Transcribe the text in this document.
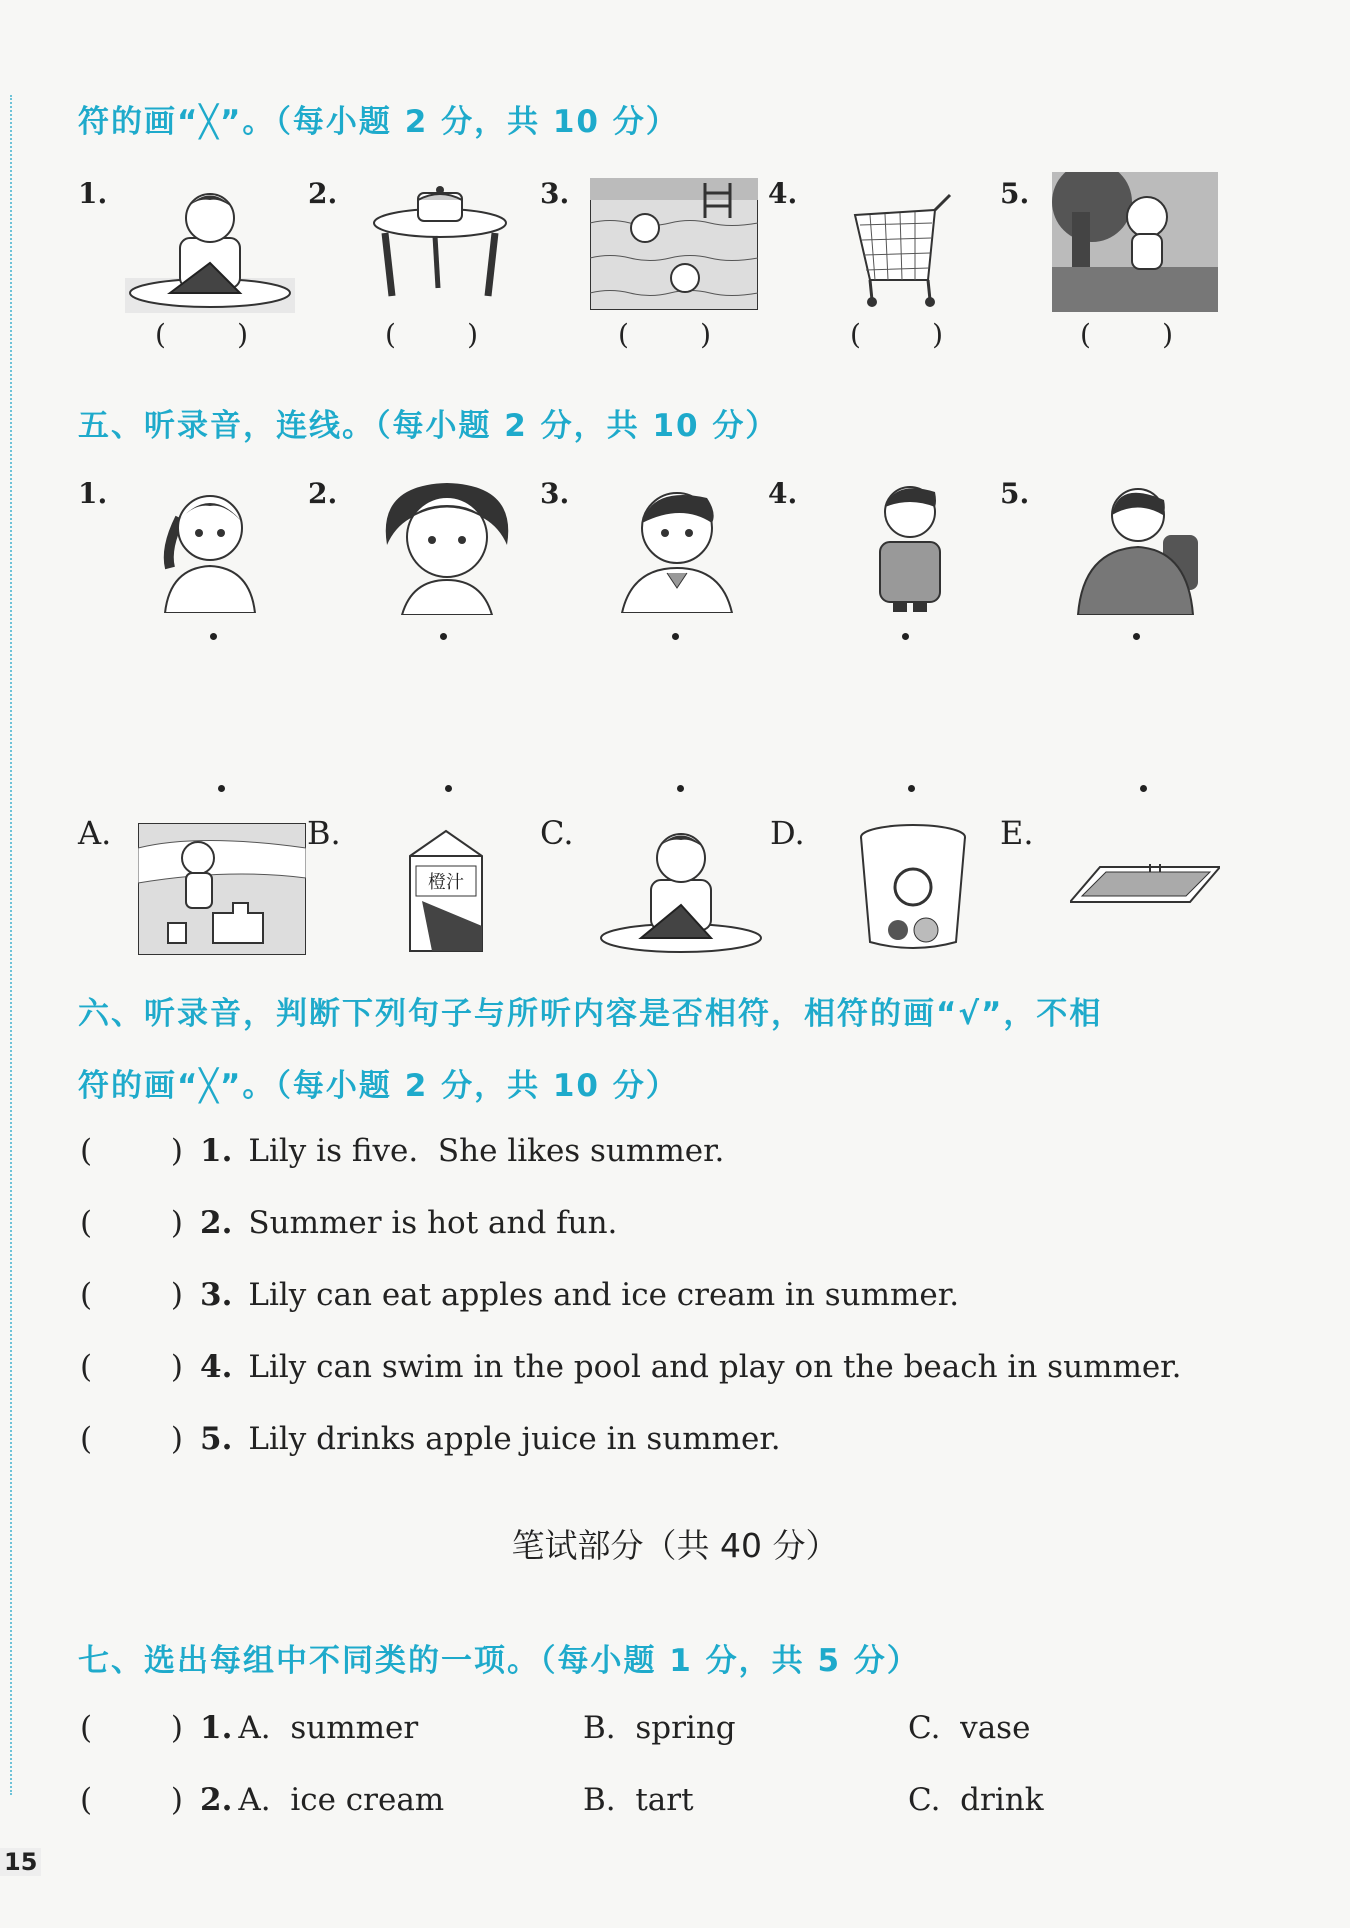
符的画“╳”。（每小题 2 分，共 10 分）
1.	2.	3.	4.	5.
(        )	(        )	(        )	(        )	(        )
五、听录音，连线。（每小题 2 分，共 10 分）
1.	2.	3.	4.	5.
A.	B.	C.	D.	E.
橙汁
六、听录音，判断下列句子与所听内容是否相符，相符的画“√”，不相
符的画“╳”。（每小题 2 分，共 10 分）
(        ) 1. Lily is five.  She likes summer.
(        ) 2. Summer is hot and fun.
(        ) 3. Lily can eat apples and ice cream in summer.
(        ) 4. Lily can swim in the pool and play on the beach in summer.
(        ) 5. Lily drinks apple juice in summer.
笔试部分（共 40 分）
七、选出每组中不同类的一项。（每小题 1 分，共 5 分）
(        ) 1. A.  summer	B.  spring	C.  vase
(        ) 2. A.  ice cream	B.  tart	C.  drink
15
